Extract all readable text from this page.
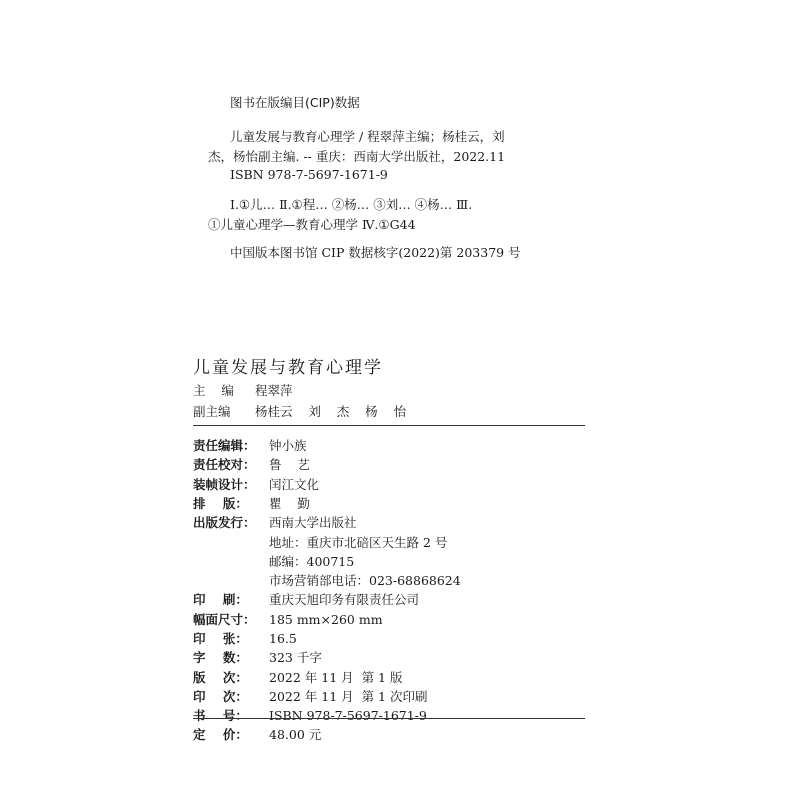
图书在版编目(CIP)数据
儿童发展与教育心理学 / 程翠萍主编；杨桂云，刘
杰，杨怡副主编. -- 重庆：西南大学出版社，2022.11
ISBN 978-7-5697-1671-9
Ⅰ.①儿… Ⅱ.①程… ②杨… ③刘… ④杨… Ⅲ.
①儿童心理学—教育心理学 Ⅳ.①G44
中国版本图书馆 CIP 数据核字(2022)第 203379 号
儿童发展与教育心理学
主    编 程翠萍
副主编 杨桂云    刘    杰    杨    怡
责任编辑： 钟小族
责任校对： 鲁    艺
装帧设计： 闰江文化
排    版： 瞿    勤
出版发行： 西南大学出版社
地址：重庆市北碚区天生路 2 号
邮编：400715
市场营销部电话：023-68868624
印    刷： 重庆天旭印务有限责任公司
幅面尺寸： 185 mm×260 mm
印    张： 16.5
字    数： 323 千字
版    次： 2022 年 11 月  第 1 版
印    次： 2022 年 11 月  第 1 次印刷
书    号： ISBN 978-7-5697-1671-9
定    价： 48.00 元
